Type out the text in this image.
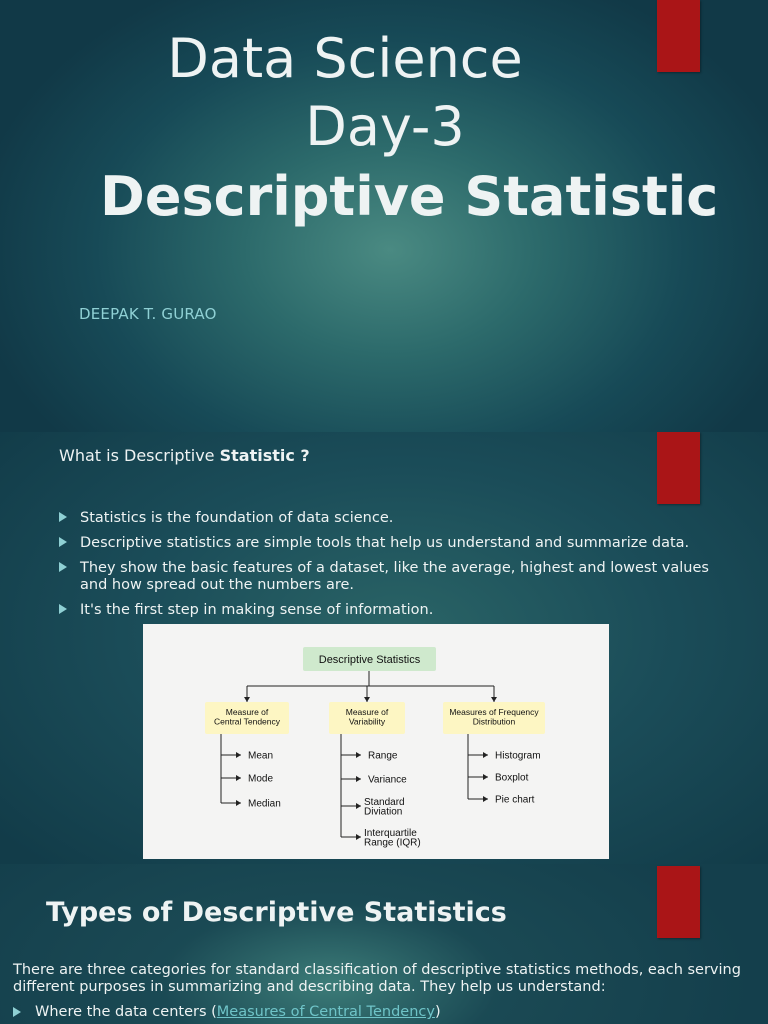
Data Science
Day-3
Descriptive Statistic
DEEPAK T. GURAO
What is Descriptive Statistic ?
Statistics is the foundation of data science.
Descriptive statistics are simple tools that help us understand and summarize data.
They show the basic features of a dataset, like the average, highest and lowest values and how spread out the numbers are.
It's the first step in making sense of information.
Descriptive Statistics
Measure of
Central Tendency
Mean
Mode
Median
Measure of
Variability
Range
Variance
Standard
Diviation
Interquartile
Range (IQR)
Measures of Frequency
Distribution
Histogram
Boxplot
Pie chart
Types of Descriptive Statistics
There are three categories for standard classification of descriptive statistics methods, each serving different purposes in summarizing and describing data. They help us understand:
Where the data centers (Measures of Central Tendency)
